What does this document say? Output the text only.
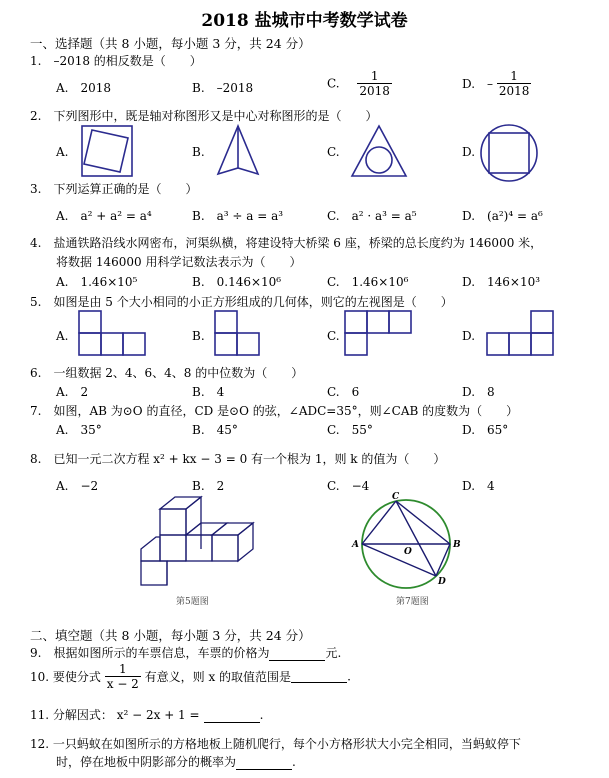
2018 盐城市中考数学试卷
一、选择题（共 8 小题，每小题 3 分，共 24 分）
1.　–2018 的相反数是（　　）
A.　2018	B.　–2018	C. $\frac{1}{2018}$	D.　– $\frac{1}{2018}$
2.　下列图形中，既是轴对称图形又是中心对称图形的是（　　）
A.	B.	C.	D.
3.　下列运算正确的是（　　）
A.　a² + a² = a⁴	B.　a³ ÷ a = a³	C.　a² · a³ = a⁵	D.　(a²)⁴ = a⁶
4.　盐通铁路沿线水网密布，河渠纵横，将建设特大桥梁 6 座，桥梁的总长度约为 146000 米，
将数据 146000 用科学记数法表示为（　　）
A.　1.46×10⁵	B.　0.146×10⁶	C.　1.46×10⁶	D.　146×10³
5.　如图是由 5 个大小相同的小正方形组成的几何体，则它的左视图是（　　）
A.	B.	C.	D.
6.　一组数据 2、4、6、4、8 的中位数为（　　）
A.　2	B.　4	C.　6	D.　8
7.　如图，AB 为⊙O 的直径，CD 是⊙O 的弦，∠ADC=35°，则∠CAB 的度数为（　　）
A.　35°	B.　45°	C.　55°	D.　65°
8.　已知一元二次方程 x² + kx − 3 = 0 有一个根为 1，则 k 的值为（　　）
A.　−2	B.　2	C.　−4	D.　4
第5题图
C
A	B
D
O
第7题图
二、填空题（共 8 小题，每小题 3 分，共 24 分）
9.　根据如图所示的车票信息，车票的价格为	元.
10. 要使分式 $\frac{1}{x - 2}$ 有意义，则 x 的取值范围是	.
11. 分解因式： x² − 2x + 1 =	.
12. 一只蚂蚁在如图所示的方格地板上随机爬行，每个小方格形状大小完全相同，当蚂蚁停下
时，停在地板中阴影部分的概率为	.
